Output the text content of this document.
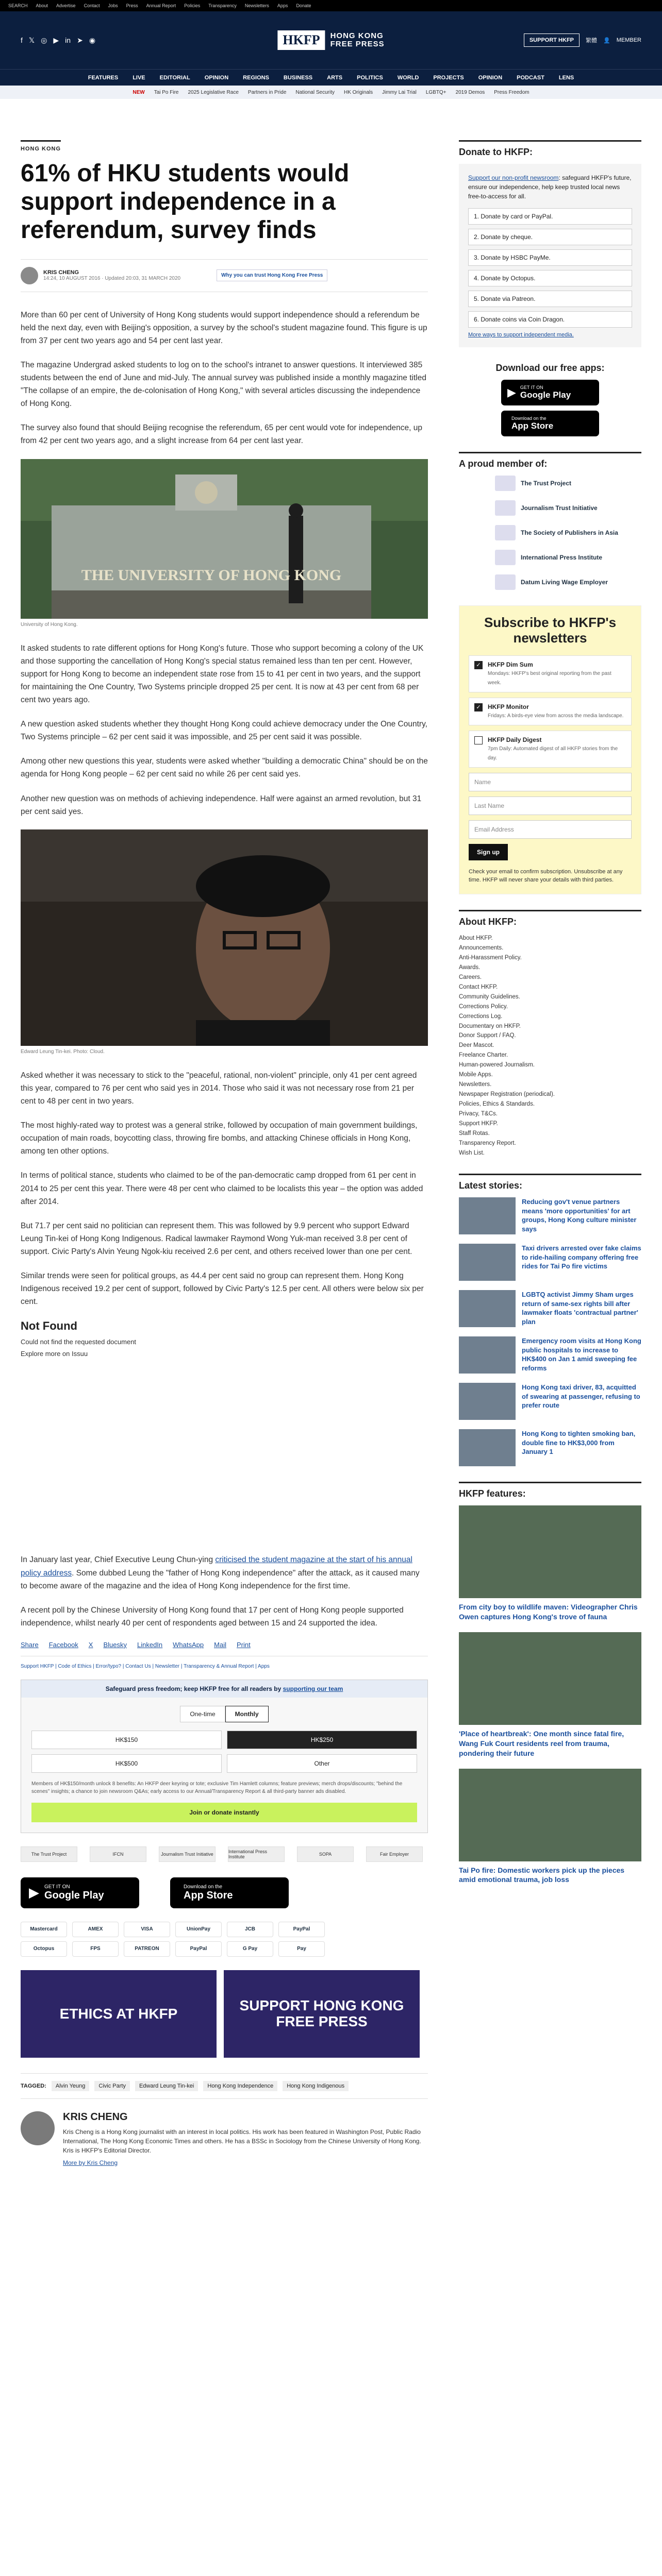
SEARCH About Advertise Contact Jobs Press Annual Report Policies Transparency Newsletters Apps Donate
f 𝕏 ◎ ▶ in ➤ ◉	HKFP	HONG KONG
FREE PRESS	SUPPORT HKFP	繁體 👤 MEMBER
FEATURES	LIVE	EDITORIAL	OPINION	REGIONS	BUSINESS	ARTS	POLITICS	WORLD	PROJECTS	OPINION	PODCAST	LENS
NEW Tai Po Fire 2025 Legislative Race Partners in Pride National Security HK Originals Jimmy Lai Trial LGBTQ+ 2019 Demos Press Freedom
HONG KONG
61% of HKU students would support independence in a referendum, survey finds
KRIS CHENG
14:24, 10 AUGUST 2016 · Updated 20:03, 31 MARCH 2020
Why you can trust Hong Kong Free Press

More than 60 per cent of University of Hong Kong students would support independence should a referendum be held the next day, even with Beijing's opposition, a survey by the school's student magazine found. This figure is up from 37 per cent two years ago and 54 per cent last year.

The magazine Undergrad asked students to log on to the school's intranet to answer questions. It interviewed 385 students between the end of June and mid-July. The annual survey was published inside a monthly magazine titled "The collapse of an empire, the de-colonisation of Hong Kong," with several articles discussing the independence of Hong Kong.

The survey also found that should Beijing recognise the referendum, 65 per cent would vote for independence, up from 42 per cent two years ago, and a slight increase from 64 per cent last year.

THE UNIVERSITY OF HONG KONG
University of Hong Kong.

It asked students to rate different options for Hong Kong's future. Those who support becoming a colony of the UK and those supporting the cancellation of Hong Kong's special status remained less than ten per cent. However, support for Hong Kong to become an independent state rose from 15 to 41 per cent in two years, and the support for maintaining the One Country, Two Systems principle dropped 25 per cent. It is now at 43 per cent from 68 per cent two years ago.

A new question asked students whether they thought Hong Kong could achieve democracy under the One Country, Two Systems principle – 62 per cent said it was impossible, and 25 per cent said it was possible.

Among other new questions this year, students were asked whether "building a democratic China" should be on the agenda for Hong Kong people – 62 per cent said no while 26 per cent said yes.

Another new question was on methods of achieving independence. Half were against an armed revolution, but 31 per cent said yes.

Edward Leung Tin-kei. Photo: Cloud.

Asked whether it was necessary to stick to the "peaceful, rational, non-violent" principle, only 41 per cent agreed this year, compared to 76 per cent who said yes in 2014. Those who said it was not necessary rose from 21 per cent to 48 per cent in two years.

The most highly-rated way to protest was a general strike, followed by occupation of main government buildings, occupation of main roads, boycotting class, throwing fire bombs, and attacking Chinese officials in Hong Kong, among ten other options.

In terms of political stance, students who claimed to be of the pan-democratic camp dropped from 61 per cent in 2014 to 25 per cent this year. There were 48 per cent who claimed to be localists this year – the option was added after 2014.

But 71.7 per cent said no politician can represent them. This was followed by 9.9 percent who support Edward Leung Tin-kei of Hong Kong Indigenous. Radical lawmaker Raymond Wong Yuk-man received 3.8 per cent of support. Civic Party's Alvin Yeung Ngok-kiu received 2.6 per cent, and others received lower than one per cent.

Similar trends were seen for political groups, as 44.4 per cent said no group can represent them. Hong Kong Indigenous received 19.2 per cent of support, followed by Civic Party's 12.5 per cent. All others were below six per cent.

Not Found
Could not find the requested document
Explore more on Issuu

In January last year, Chief Executive Leung Chun-ying criticised the student magazine at the start of his annual policy address. Some dubbed Leung the "father of Hong Kong independence" after the attack, as it caused many to become aware of the magazine and the idea of Hong Kong independence for the first time.

A recent poll by the Chinese University of Hong Kong found that 17 per cent of Hong Kong people supported independence, whilst nearly 40 per cent of respondents aged between 15 and 24 supported the idea.

Share Facebook X Bluesky LinkedIn WhatsApp Mail Print
Support HKFP | Code of Ethics | Error/typo? | Contact Us | Newsletter | Transparency & Annual Report | Apps
Safeguard press freedom; keep HKFP free for all readers by supporting our team
One-time	Monthly
HK$150	HK$250
HK$500	Other
Members of HK$150/month unlock 8 benefits: An HKFP deer keyring or tote; exclusive Tim Hamlett columns; feature previews; merch drops/discounts; "behind the scenes" insights; a chance to join newsroom Q&As; early access to our Annual/Transparency Report & all third-party banner ads disabled.
Join or donate instantly
The Trust Project	IFCN	Journalism Trust Initiative	International Press Institute	SOPA	Fair Employer
▶ GET IT ON
Google Play
Download on the
App Store
Mastercard	AMEX	VISA	UnionPay	JCB	PayPal
Octopus	FPS	PATREON	PayPal	G Pay	Pay
ETHICS AT HKFP	SUPPORT HONG KONG FREE PRESS
TAGGED:	Alvin Yeung	Civic Party	Edward Leung Tin-kei	Hong Kong Independence	Hong Kong Indigenous
KRIS CHENG

Kris Cheng is a Hong Kong journalist with an interest in local politics. His work has been featured in Washington Post, Public Radio International, The Hong Kong Economic Times and others. He has a BSSc in Sociology from the Chinese University of Hong Kong. Kris is HKFP's Editorial Director.

More by Kris Cheng
Donate to HKFP:

Support our non-profit newsroom: safeguard HKFP's future, ensure our independence, help keep trusted local news free-to-access for all.

1. Donate by card or PayPal.
2. Donate by cheque.
3. Donate by HSBC PayMe.
4. Donate by Octopus.
5. Donate via Patreon.
6. Donate coins via Coin Dragon.
More ways to support independent media.
Download our free apps:
▶ GET IT ON
Google Play
Download on the
App Store
A proud member of:
The Trust Project
Journalism Trust Initiative
The Society of Publishers in Asia
International Press Institute
Datum Living Wage Employer
Subscribe to HKFP's newsletters
✓ HKFP Dim Sum
Mondays: HKFP's best original reporting from the past week.
✓ HKFP Monitor
Fridays: A birds-eye view from across the media landscape.
HKFP Daily Digest
7pm Daily: Automated digest of all HKFP stories from the day.
Name
Last Name
Email Address
Sign up
Check your email to confirm subscription. Unsubscribe at any time. HKFP will never share your details with third parties.
About HKFP:
About HKFP.
Announcements.
Anti-Harassment Policy.
Awards.
Careers.
Contact HKFP.
Community Guidelines.
Corrections Policy.
Corrections Log.
Documentary on HKFP.
Donor Support / FAQ.
Deer Mascot.
Freelance Charter.
Human-powered Journalism.
Mobile Apps.
Newsletters.
Newspaper Registration (periodical).
Policies, Ethics & Standards.
Privacy, T&Cs.
Support HKFP.
Staff Rotas.
Transparency Report.
Wish List.
Latest stories:
Reducing gov't venue partners means 'more opportunities' for art groups, Hong Kong culture minister says
Taxi drivers arrested over fake claims to ride-hailing company offering free rides for Tai Po fire victims
LGBTQ activist Jimmy Sham urges return of same-sex rights bill after lawmaker floats 'contractual partner' plan
Emergency room visits at Hong Kong public hospitals to increase to HK$400 on Jan 1 amid sweeping fee reforms
Hong Kong taxi driver, 83, acquitted of swearing at passenger, refusing to prefer route
Hong Kong to tighten smoking ban, double fine to HK$3,000 from January 1
HKFP features:
From city boy to wildlife maven: Videographer Chris Owen captures Hong Kong's trove of fauna
'Place of heartbreak': One month since fatal fire, Wang Fuk Court residents reel from trauma, pondering their future
Tai Po fire: Domestic workers pick up the pieces amid emotional trauma, job loss
